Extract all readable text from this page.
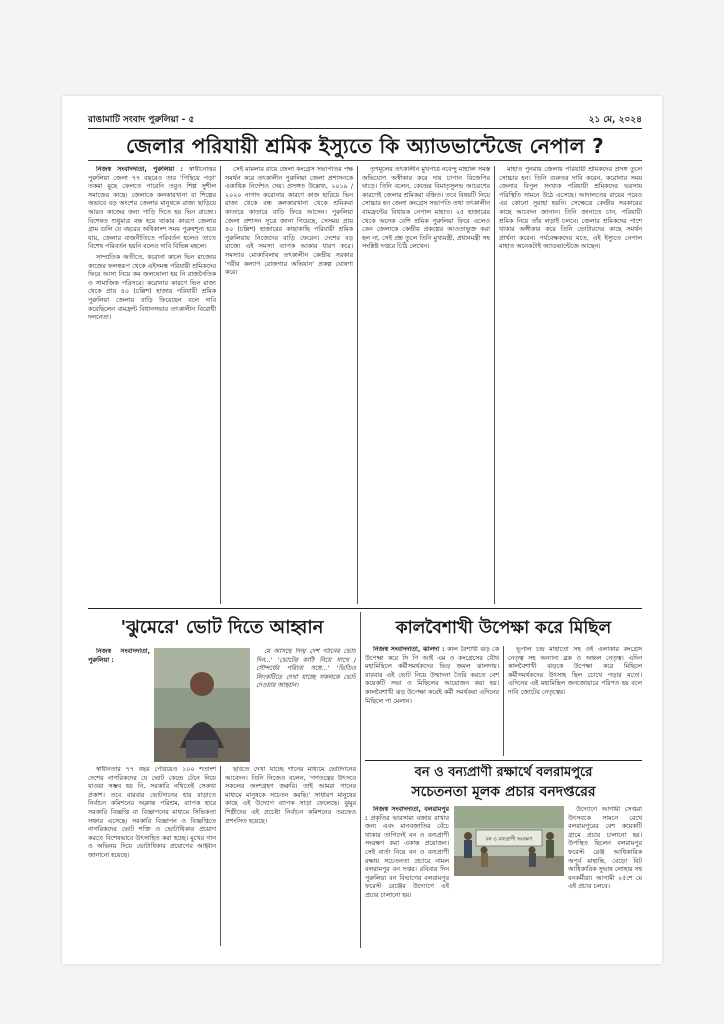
রাঙামাটি সংবাদ পুরুলিয়া - ৫	২১ মে, ২০২৪
জেলার পরিযায়ী শ্রমিক ইস্যুতে কি অ্যাডভান্টেজে নেপাল ?

নিজস্ব সংবাদদাতা, পুরুলিয়া : স্বাধীনোত্তর পুরুলিয়া জেলা ৭৭ বছরেও তার 'পিছিয়ে পড়া' তকমা মুছে ফেলতে পারেনি তবুও শিল্প সুশীল সমাজের কাছে। জেলাকে কলকারখানা বা শিল্পের অভাবে বড় অংশের জেলার মানুষকে রাজ্য ছাড়িয়ে আরও কাজের জন্য পাড়ি দিতে হয় ভিন রাজ্যে। বিশেষত শুধুমাত্র বন্ধ হয়ে থাকার কারণে জেলার গ্রাম গুলি যে বছরের অধিকাংশ সময় পুরুষশূন্য হয়ে যায়, জেলার বাজনীতিতে পরিবর্তন হলেও তাতে বিশেষ পরিবর্তন হয়নি বলেও দাবি বিভিন্ন মহলে।

সাম্প্রতিক অতীতে, করোনা কালে ভিন রাজ্যের কাজের ফলস্বরূপ থেকে এইসমস্ত পরিযায়ী শ্রমিকদের ফিরে আসা নিয়ে কম জলঘোলা হয় নি রাজনৈতিক ও সামাজিক পরিসরে। করোনার কারণে ভিন রাজ্য থেকে প্রায় ৪০ (চল্লিশ) হাজার পরিযায়ী শ্রমিক পুরুলিয়া জেলায় বাড়ি ফিরেছেন বলে দাবি করেছিলেন বামফ্রন্ট বিধানসভার তৎকালীন বিরোধী দলনেতা।

সেই মামলার রায়ে জেলা কংগ্রেস সভাপতির পক্ষ সমর্থন করে তৎকালীন পুরুলিয়া জেলা প্রশাসনকে একাধিক নির্দেশও দেয়। প্রসঙ্গত উল্লেখ্য, ২০১৯ / ২০২০ নাগাদ করোনার কারণে কাজ হারিয়ে ভিন রাজ্য থেকে বন্ধ কলকারখানা থেকে শ্রমিকরা কাতারে কাতারে বাড়ি ফিরে আসেন। পুরুলিয়া জেলা প্রশাসন সূত্রে জানা গিয়েছে, সেসময় প্রায় ৪০ (চল্লিশ) হাজারের কাছাকাছি পরিযায়ী শ্রমিক পুরুলিয়ায় নিজেদের বাড়ি ফেরেন। দেশের বড় রাজ্যে এই সমস্যা ব্যাপক আকার ধারণ করে। সমস্যার মোকাবিলায় তৎকালীন কেন্দ্রীয় সরকার 'গরীব কল্যাণ রোজগার অভিযান' প্রকল্প ঘোষণা করে।

তৃণমূলের তৎকালীন মুখপাত্র নবেন্দু মাহালি সমস্ত অভিযোগ অস্বীকার করে দায় চাপান বিজেপির ঘাড়ে। তিনি বলেন, কেন্দ্রের বিমাতৃসুলভ আচরণের কারণেই জেলার শ্রমিকরা বঞ্চিত। তবে বিষয়টি নিয়ে সোচ্চার হন জেলা কংগ্রেস সভাপতি তথা তৎকালীন বামফ্রন্টের বিধায়ক নেপাল মাহাত। ২৫ হাজারের থেকে অনেক বেশি শ্রমিক পুরুলিয়া ফিরে এলেও কেন জেলাকে কেন্দ্রীয় প্রকল্পের আওতাভুক্ত করা হল না, সেই প্রশ্ন তুলে তিনি মুখ্যমন্ত্রী, প্রধানমন্ত্রী সহ সংশ্লিষ্ট দপ্তরে চিঠি লেখেন।

মাহাত পুনরায় জেলায় পরিযায়ী শ্রমিকদের প্রসঙ্গ তুলে সোচ্চার হন। তিনি গুরুতর দাবি করেন, করোনার সময় জেলার বিপুল সংখ্যক পরিযায়ী শ্রমিকদের ভরসায় পরিস্থিতি সামনে উঠে এসেছে। আদালতের রায়ের পরেও এর কোনো সুরাহা হয়নি। সেক্ষেত্রে কেন্দ্রীয় সরকারের কাছে আবেদন জানান। তিনি জানাতে চান, পরিযায়ী শ্রমিক নিয়ে তাঁর লড়াই চলবে। জেলার শ্রমিকদের পাশে থাকার অঙ্গীকার করে তিনি ভোটারদের কাছে সমর্থন প্রার্থনা করেন। পর্যবেক্ষকদের মতে, এই ইস্যুতে নেপাল মাহাত অনেকটাই অ্যাডভান্টেজে আছেন।

'ঝুমেরে' ভোট দিতে আহ্বান

নিজস্ব সংবাদদাতা, পুরুলিয়া :

মে আসছে দিন/ দেশ গঠনের ভোট দিন...' 'ভোটের কাঠি নিয়ে সাথে / সৌন্দর্যের পরিচয় সঙ্গে...' 'ভিডিও লিংকটিতে দেখা যাচ্ছে সকলকে ভোট দেওয়ার আহ্বান।

স্বাধীনতার ৭৭ বছর পেরিয়েও ১০০ শতাংশ দেশের নাগরিকদের যে ভোট কেন্দ্রে টেনে নিয়ে যাওয়া সম্ভব হয় নি, সরকারি নথিতেই সেকথা প্রকাশ। তবে বারবার ভোটদানের হার বাড়াতে নির্বাচন কমিশনের অক্লান্ত পরিশ্রম, ব্যাপক হারে সরকারি বিজ্ঞপ্তি বা বিজ্ঞাপনের মাধ্যমে সিভিকতা সঞ্চার এসেছে। সরকারি বিজ্ঞাপন ও বিজ্ঞপ্তিতে নাগরিকদের ভোট শক্তি ও ভোটাধিকার প্রয়োগ করতে বিশেষভাবে উৎসাহিত করা হচ্ছে। মুখের গান ও অভিনয় দিয়ে ভোটাধিকার প্রয়োগের আহ্বান জানানো হয়েছে।

ছবিতে দেখা যাচ্ছে গানের মাধ্যমে ভোটদানের আবেদন। তিনি নিজেও বলেন, 'গণতন্ত্রের উৎসবে সকলের অংশগ্রহণ জরুরি। তাই আমরা গানের মাধ্যমে মানুষকে সচেতন করছি।' সাধারণ মানুষের কাছে এই উদ্যোগ ব্যাপক সাড়া ফেলেছে। ঝুমুর শিল্পীদের এই প্রচেষ্টা নির্বাচন কমিশনের তরফেও প্রশংসিত হয়েছে।

কালবৈশাখী উপেক্ষা করে মিছিল

নিজস্ব সংবাদদাতা, ঝালদা : কাল বৈশাখী ঝড় কে উপেক্ষা করে সি পি আই এম ও কংগ্রেসের যৌথ মহামিছিলে কর্মীসমর্থকদের ভিড় জমল ঝালদায়। বারবার এই ভোট নিয়ে উন্মাদনা তৈরি করতে বেশ কয়েকটি সভা ও মিছিলের আয়োজন করা হয়। কালবৈশাখী ঝড় উপেক্ষা করেই কর্মী সমর্থকরা এদিনের মিছিলে পা মেলান।

ভূপাল চন্দ্র মাহাতো সহ ওই এলাকার কংগ্রেস নেতৃত্ব সহ অন্যান্য ব্লক ও অঞ্চল নেতৃত্ব। এদিন কালবৈশাখী ঝড়কে উপেক্ষা করে মিছিলে কর্মীসমর্থকদের উৎসাহ ছিল চোখে পড়ার মতো। এদিনের এই মহামিছিল জনজোয়ারে পরিণত হয় বলে দাবি জোটের নেতৃত্বের।

বন ও বন্যপ্রাণী রক্ষার্থে বলরামপুরে
সচেতনতা মূলক প্রচার বনদপ্তরের

নিজস্ব সংবাদদাতা, বলরামপুর : প্রকৃতির ভারসাম্য বজায় রাখার জন্য এবং মানবজাতির বেঁচে থাকার তাগিদেই বন ও বন্যপ্রাণী সংরক্ষণ করা একান্ত প্রয়োজন। সেই বার্তা নিয়ে বন ও বন্যপ্রাণী রক্ষায় সচেতনতা প্রচারে নামল বলরামপুর বন দপ্তর। রবিবার দিন পুরুলিয়া বন বিভাগের বলরামপুর ফরেস্ট রেঞ্জের উদ্যোগে এই প্রচার চালানো হয়।

বন ও বন্যপ্রাণী সংরক্ষণ

উদ্যোগে আগামী সেপ্তরা উৎসবকে সামনে রেখে বলরামপুরের বেশ কয়েকটি গ্রামে প্রচার চালানো হয়। উপস্থিত ছিলেন বলরামপুর ফরেস্ট রেঞ্জ আধিকারিক অপূর্ব মাহান্তি, বেড়ো বিট আধিকারিক সুভাষ লোহার সহ বনকর্মীরা। আগামী ২৫শে মে এই প্রচার চলবে।
